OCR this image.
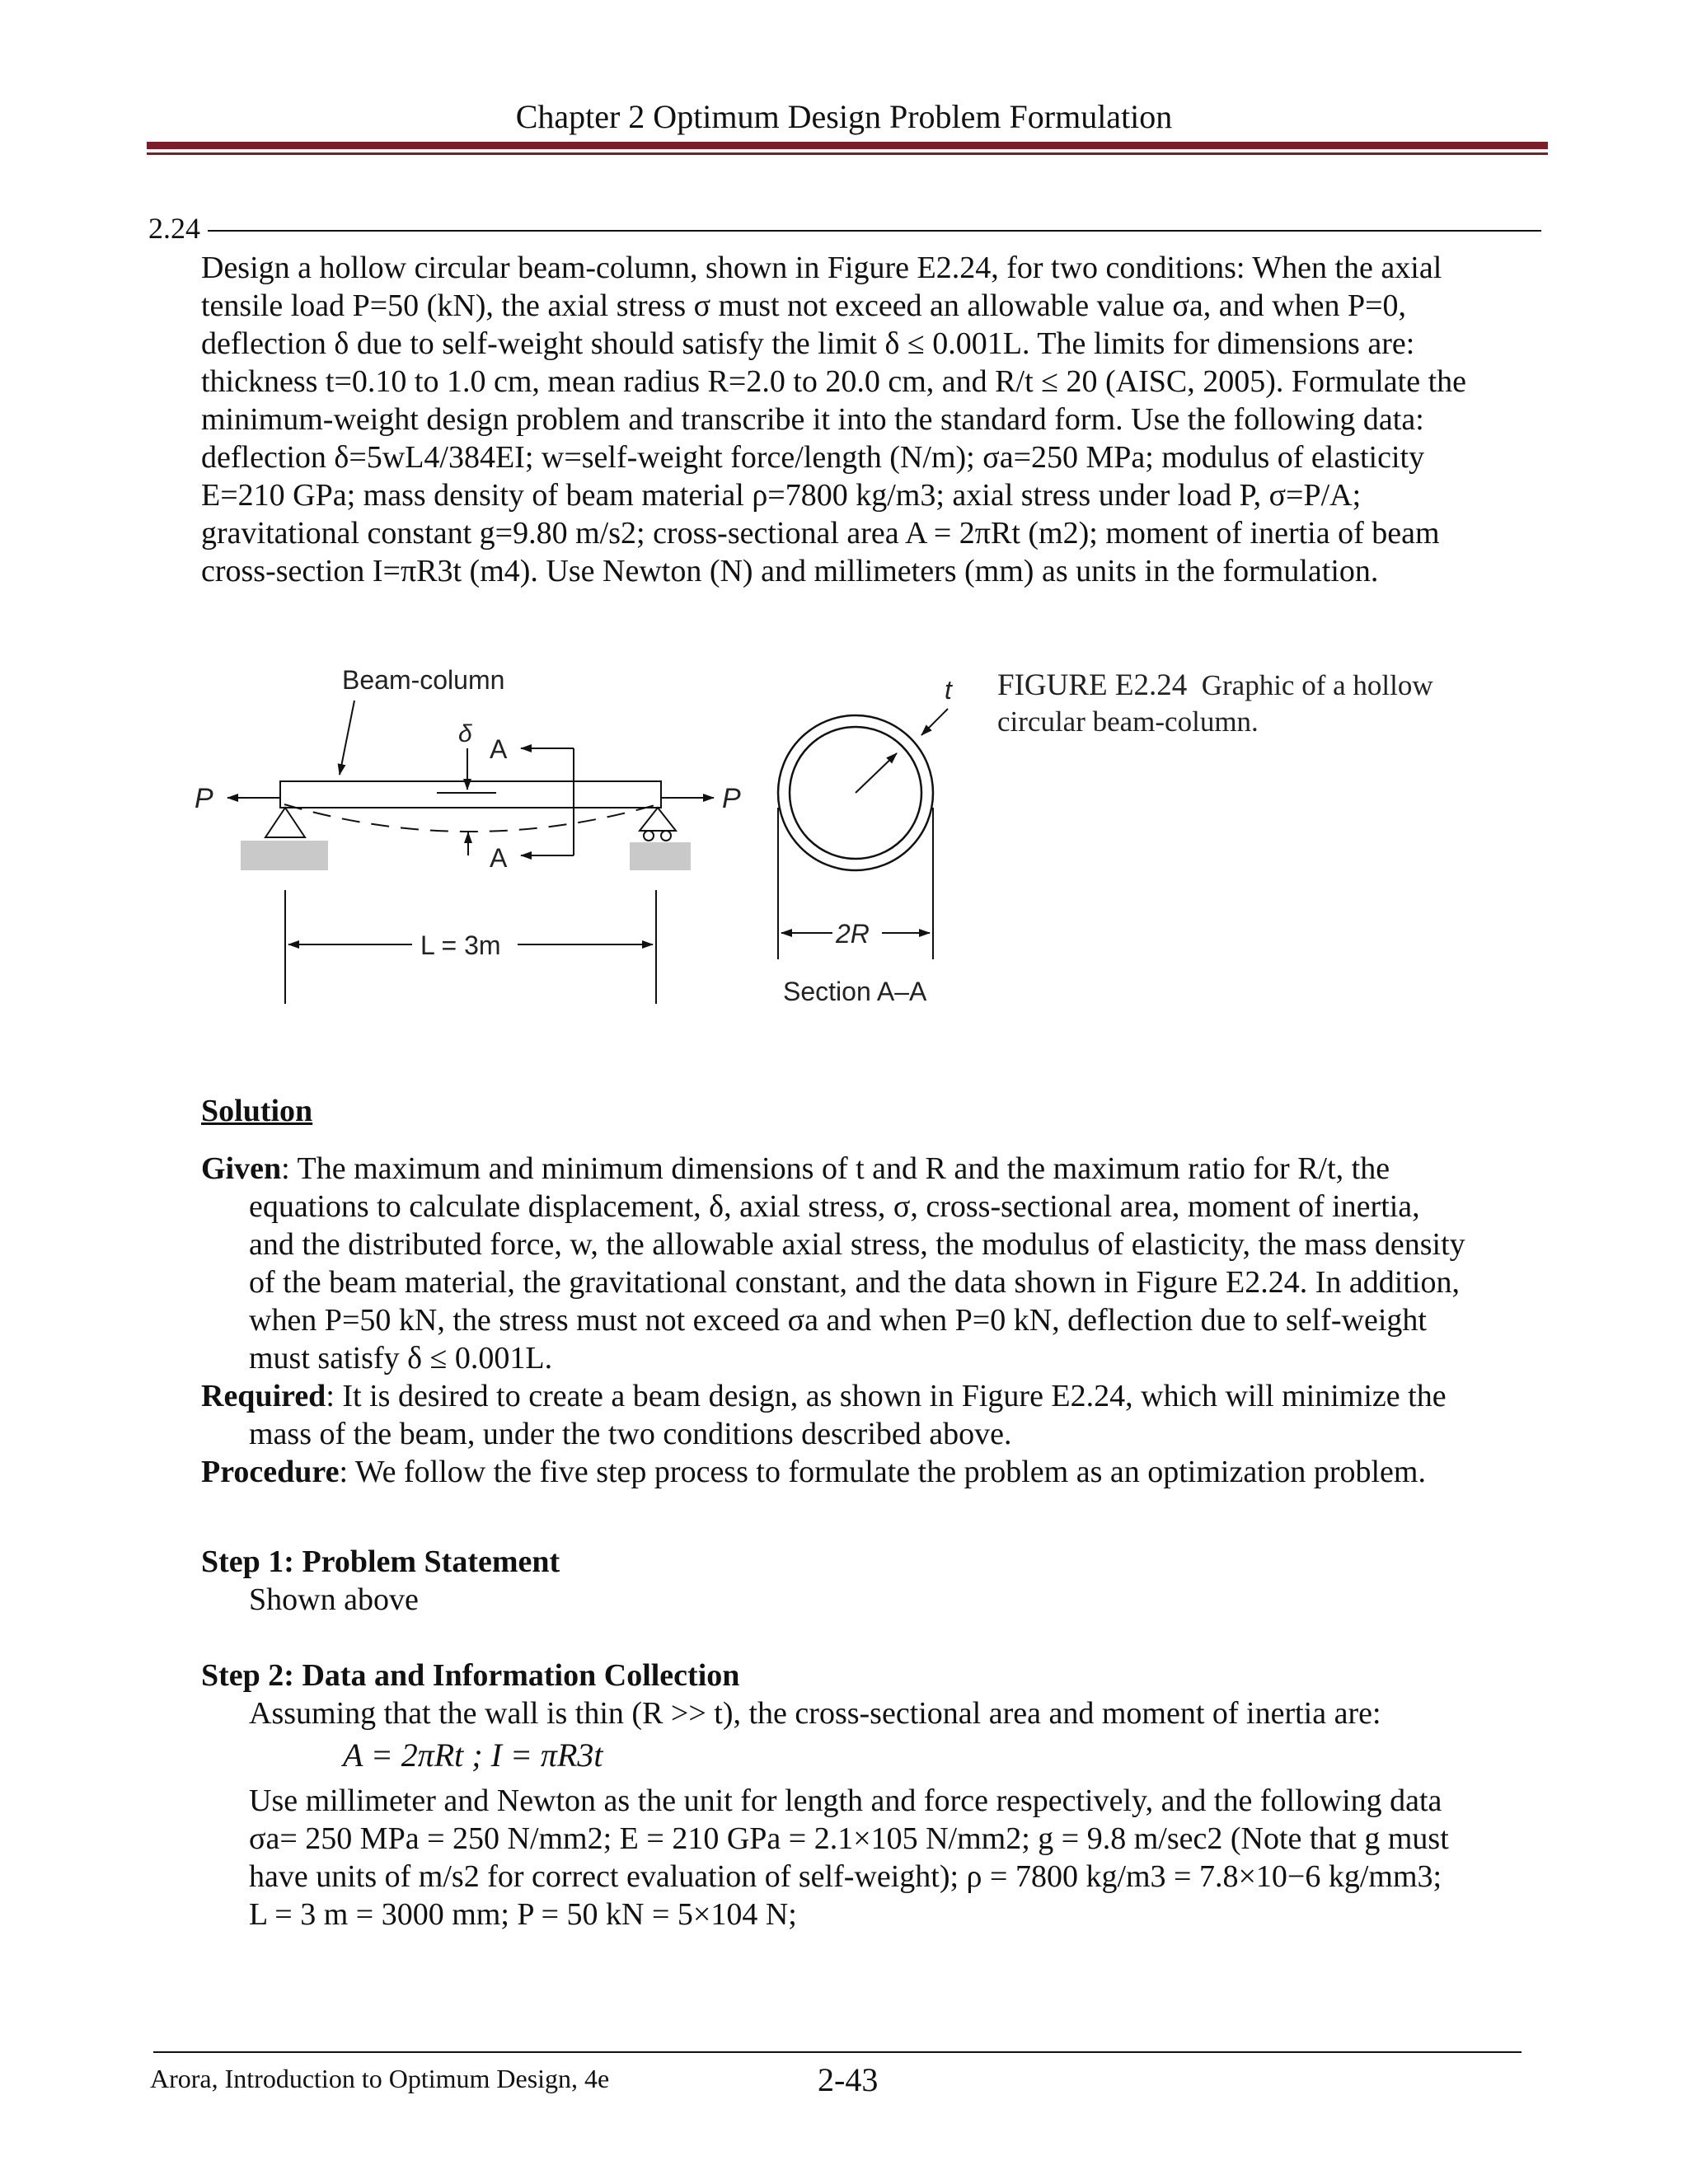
Chapter 2 Optimum Design Problem Formulation
2.24

Design a hollow circular beam-column, shown in Figure E2.24, for two conditions: When the axial

tensile load P=50 (kN), the axial stress σ must not exceed an allowable value σa, and when P=0,

deflection δ due to self-weight should satisfy the limit δ ≤ 0.001L. The limits for dimensions are:

thickness t=0.10 to 1.0 cm, mean radius R=2.0 to 20.0 cm, and R/t ≤ 20 (AISC, 2005). Formulate the

minimum-weight design problem and transcribe it into the standard form. Use the following data:

deflection δ=5wL4/384EI; w=self-weight force/length (N/m); σa=250 MPa; modulus of elasticity

E=210 GPa; mass density of beam material ρ=7800 kg/m3; axial stress under load P, σ=P/A;

gravitational constant g=9.80 m/s2; cross-sectional area A = 2πRt (m2); moment of inertia of beam

cross-section I=πR3t (m4). Use Newton (N) and millimeters (mm) as units in the formulation.

Beam-column
δ
A
A
P	P
L = 3m
t
2R
Section A–A
FIGURE E2.24 Graphic of a hollow
circular beam-column.
Solution

Given: The maximum and minimum dimensions of t and R and the maximum ratio for R/t, the

equations to calculate displacement, δ, axial stress, σ, cross-sectional area, moment of inertia,

and the distributed force, w, the allowable axial stress, the modulus of elasticity, the mass density

of the beam material, the gravitational constant, and the data shown in Figure E2.24. In addition,

when P=50 kN, the stress must not exceed σa and when P=0 kN, deflection due to self-weight

must satisfy δ ≤ 0.001L.

Required: It is desired to create a beam design, as shown in Figure E2.24, which will minimize the

mass of the beam, under the two conditions described above.

Procedure: We follow the five step process to formulate the problem as an optimization problem.

Step 1: Problem Statement

Shown above

Step 2: Data and Information Collection

Assuming that the wall is thin (R >> t), the cross-sectional area and moment of inertia are:

A = 2πRt ; I = πR3t

Use millimeter and Newton as the unit for length and force respectively, and the following data

σa= 250 MPa = 250 N/mm2; E = 210 GPa = 2.1×105 N/mm2; g = 9.8 m/sec2 (Note that g must

have units of m/s2 for correct evaluation of self-weight); ρ = 7800 kg/m3 = 7.8×10−6 kg/mm3;

L = 3 m = 3000 mm; P = 50 kN = 5×104 N;

Arora, Introduction to Optimum Design, 4e	2-43
